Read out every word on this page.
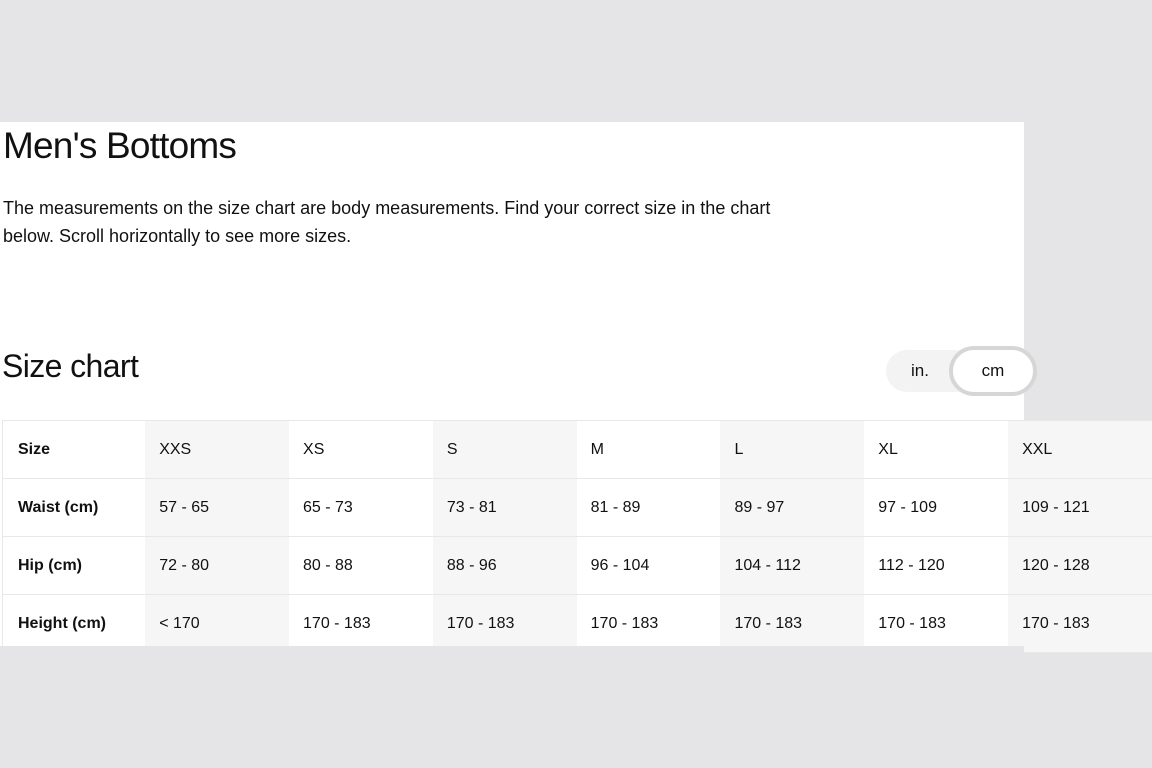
Men's Bottoms

The measurements on the size chart are body measurements. Find your correct size in the chart below. Scroll horizontally to see more sizes.

Size chart	in.	cm
Size	XXS	XS	S	M	L	XL	XXL
Waist (cm)	57 - 65	65 - 73	73 - 81	81 - 89	89 - 97	97 - 109	109 - 121
Hip (cm)	72 - 80	80 - 88	88 - 96	96 - 104	104 - 112	112 - 120	120 - 128
Height (cm)	< 170	170 - 183	170 - 183	170 - 183	170 - 183	170 - 183	170 - 183
